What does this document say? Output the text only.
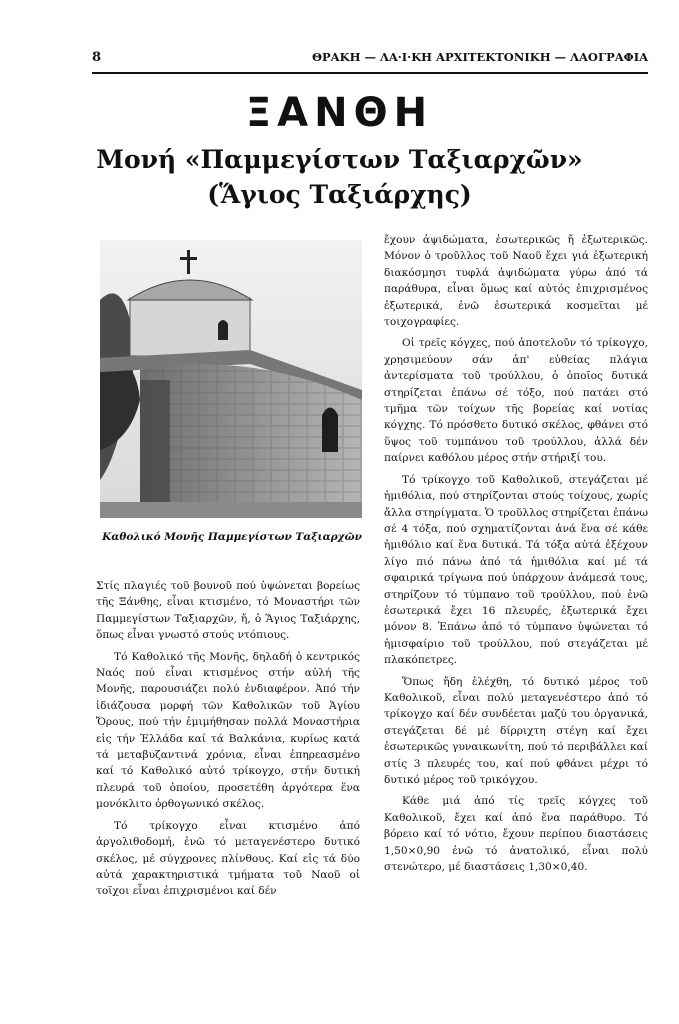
8	ΘΡΑΚΗ — ΛΑ·Ι·ΚΗ ΑΡΧΙΤΕΚΤΟΝΙΚΗ — ΛΑΟΓΡΑΦΙΑ
ΞΑΝΘΗ
Μονή «Παμμεγίστων Ταξιαρχῶν»
(Ἅγιος Ταξιάρχης)
Καθολικό Μονῆς Παμμεγίστων Ταξιαρχῶν

Στίς πλαγιές τοῦ βουνοῦ πού ὑψώνεται βορείως τῆς Ξάνθης, εἶναι κτισμένο, τό Μοναστήρι τῶν Παμμεγίστων Ταξιαρχῶν, ἤ, ὁ Ἅγιος Ταξιάρχης, ὅπως εἶναι γνωστό στούς ντόπιους.

Τό Καθολικό τῆς Μονῆς, δηλαδή ὁ κεντρικός Ναός πού εἶναι κτισμένος στήν αὐλή τῆς Μονῆς, παρουσιάζει πολύ ἐνδιαφέρον. Ἀπό τήν ἰδιάζουσα μορφή τῶν Καθολικῶν τοῦ Ἁγίου Ὄρους, πού τήν ἐμιμήθησαν πολλά Μοναστήρια εἰς τήν Ἑλλάδα καί τά Βαλκάνια, κυρίως κατά τά μεταβυζαντινά χρόνια, εἶναι ἐπηρεασμένο καί τό Καθολικό αὐτό τρίκογχο, στήν δυτική πλευρά τοῦ ὁποίου, προσετέθη ἀργότερα ἕνα μονόκλιτο ὀρθογωνικό σκέλος.

Τό τρίκογχο εἶναι κτισμένο ἀπό ἀργολιθοδομή, ἐνῶ τό μεταγενέστερο δυτικό σκέλος, μέ σύγχρονες πλίνθους. Καί εἰς τά δύο αὐτά χαρακτηριστικά τμήματα τοῦ Ναοῦ οἱ τοῖχοι εἶναι ἐπιχρισμένοι καί δέν

ἔχουν ἀψιδώματα, ἐσωτερικῶς ἤ ἐξωτερικῶς. Μόνον ὁ τροῦλλος τοῦ Ναοῦ ἔχει γιά ἐξωτερική διακόσμησι τυφλά ἀψιδώματα γύρω ἀπό τά παράθυρα, εἶναι ὅμως καί αὐτός ἐπιχρισμένος ἐξωτερικά, ἐνῶ ἐσωτερικά κοσμεῖται μέ τοιχογραφίες.

Οἱ τρεῖς κόγχες, πού ἀποτελοῦν τό τρίκογχο, χρησιμεύουν σάν ἀπ' εὐθείας πλάγια ἀντερίσματα τοῦ τρούλλου, ὁ ὁποῖος δυτικά στηρίζεται ἐπάνω σέ τόξο, πού πατάει στό τμῆμα τῶν τοίχων τῆς βορείας καί νοτίας κόγχης. Τό πρόσθετο δυτικό σκέλος, φθάνει στό ὕψος τοῦ τυμπάνου τοῦ τρούλλου, ἀλλά δέν παίρνει καθόλου μέρος στήν στήριξί του.

Τό τρίκογχο τοῦ Καθολικοῦ, στεγάζεται μέ ἡμιθόλια, πού στηρίζονται στούς τοίχους, χωρίς ἄλλα στηρίγματα. Ὁ τροῦλλος στηρίζεται ἐπάνω σέ 4 τόξα, πού σχηματίζονται ἀνά ἕνα σέ κάθε ἡμιθόλιο καί ἕνα δυτικά. Τά τόξα αὐτά ἐξέχουν λίγο πιό πάνω ἀπό τά ἡμιθόλια καί μέ τά σφαιρικά τρίγωνα πού ὑπάρχουν ἀνάμεσά τους, στηρίζουν τό τύμπανο τοῦ τρούλλου, πού ἐνῶ ἐσωτερικά ἔχει 16 πλευρές, ἐξωτερικά ἔχει μόνον 8. Ἐπάνω ἀπό τό τύμπανο ὑψώνεται τό ἡμισφαίριο τοῦ τρούλλου, πού στεγάζεται μέ πλακόπετρες.

Ὅπως ἤδη ἐλέχθη, τό δυτικό μέρος τοῦ Καθολικοῦ, εἶναι πολύ μεταγενέστερο ἀπό τό τρίκογχο καί δέν συνδέεται μαζύ του ὀργανικά, στεγάζεται δέ μέ δίρριχτη στέγη καί ἔχει ἐσωτερικῶς γυναικωνίτη, πού τό περιβάλλει καί στίς 3 πλευρές του, καί πού φθάνει μέχρι τό δυτικό μέρος τοῦ τρικόγχου.

Κάθε μιά ἀπό τίς τρεῖς κόγχες τοῦ Καθολικοῦ, ἔχει καί ἀπό ἕνα παράθυρο. Τό βόρειο καί τό νότιο, ἔχουν περίπου διαστάσεις 1,50×0,90 ἐνῶ τό ἀνατολικό, εἶναι πολύ στενώτερο, μέ διαστάσεις 1,30×0,40.
